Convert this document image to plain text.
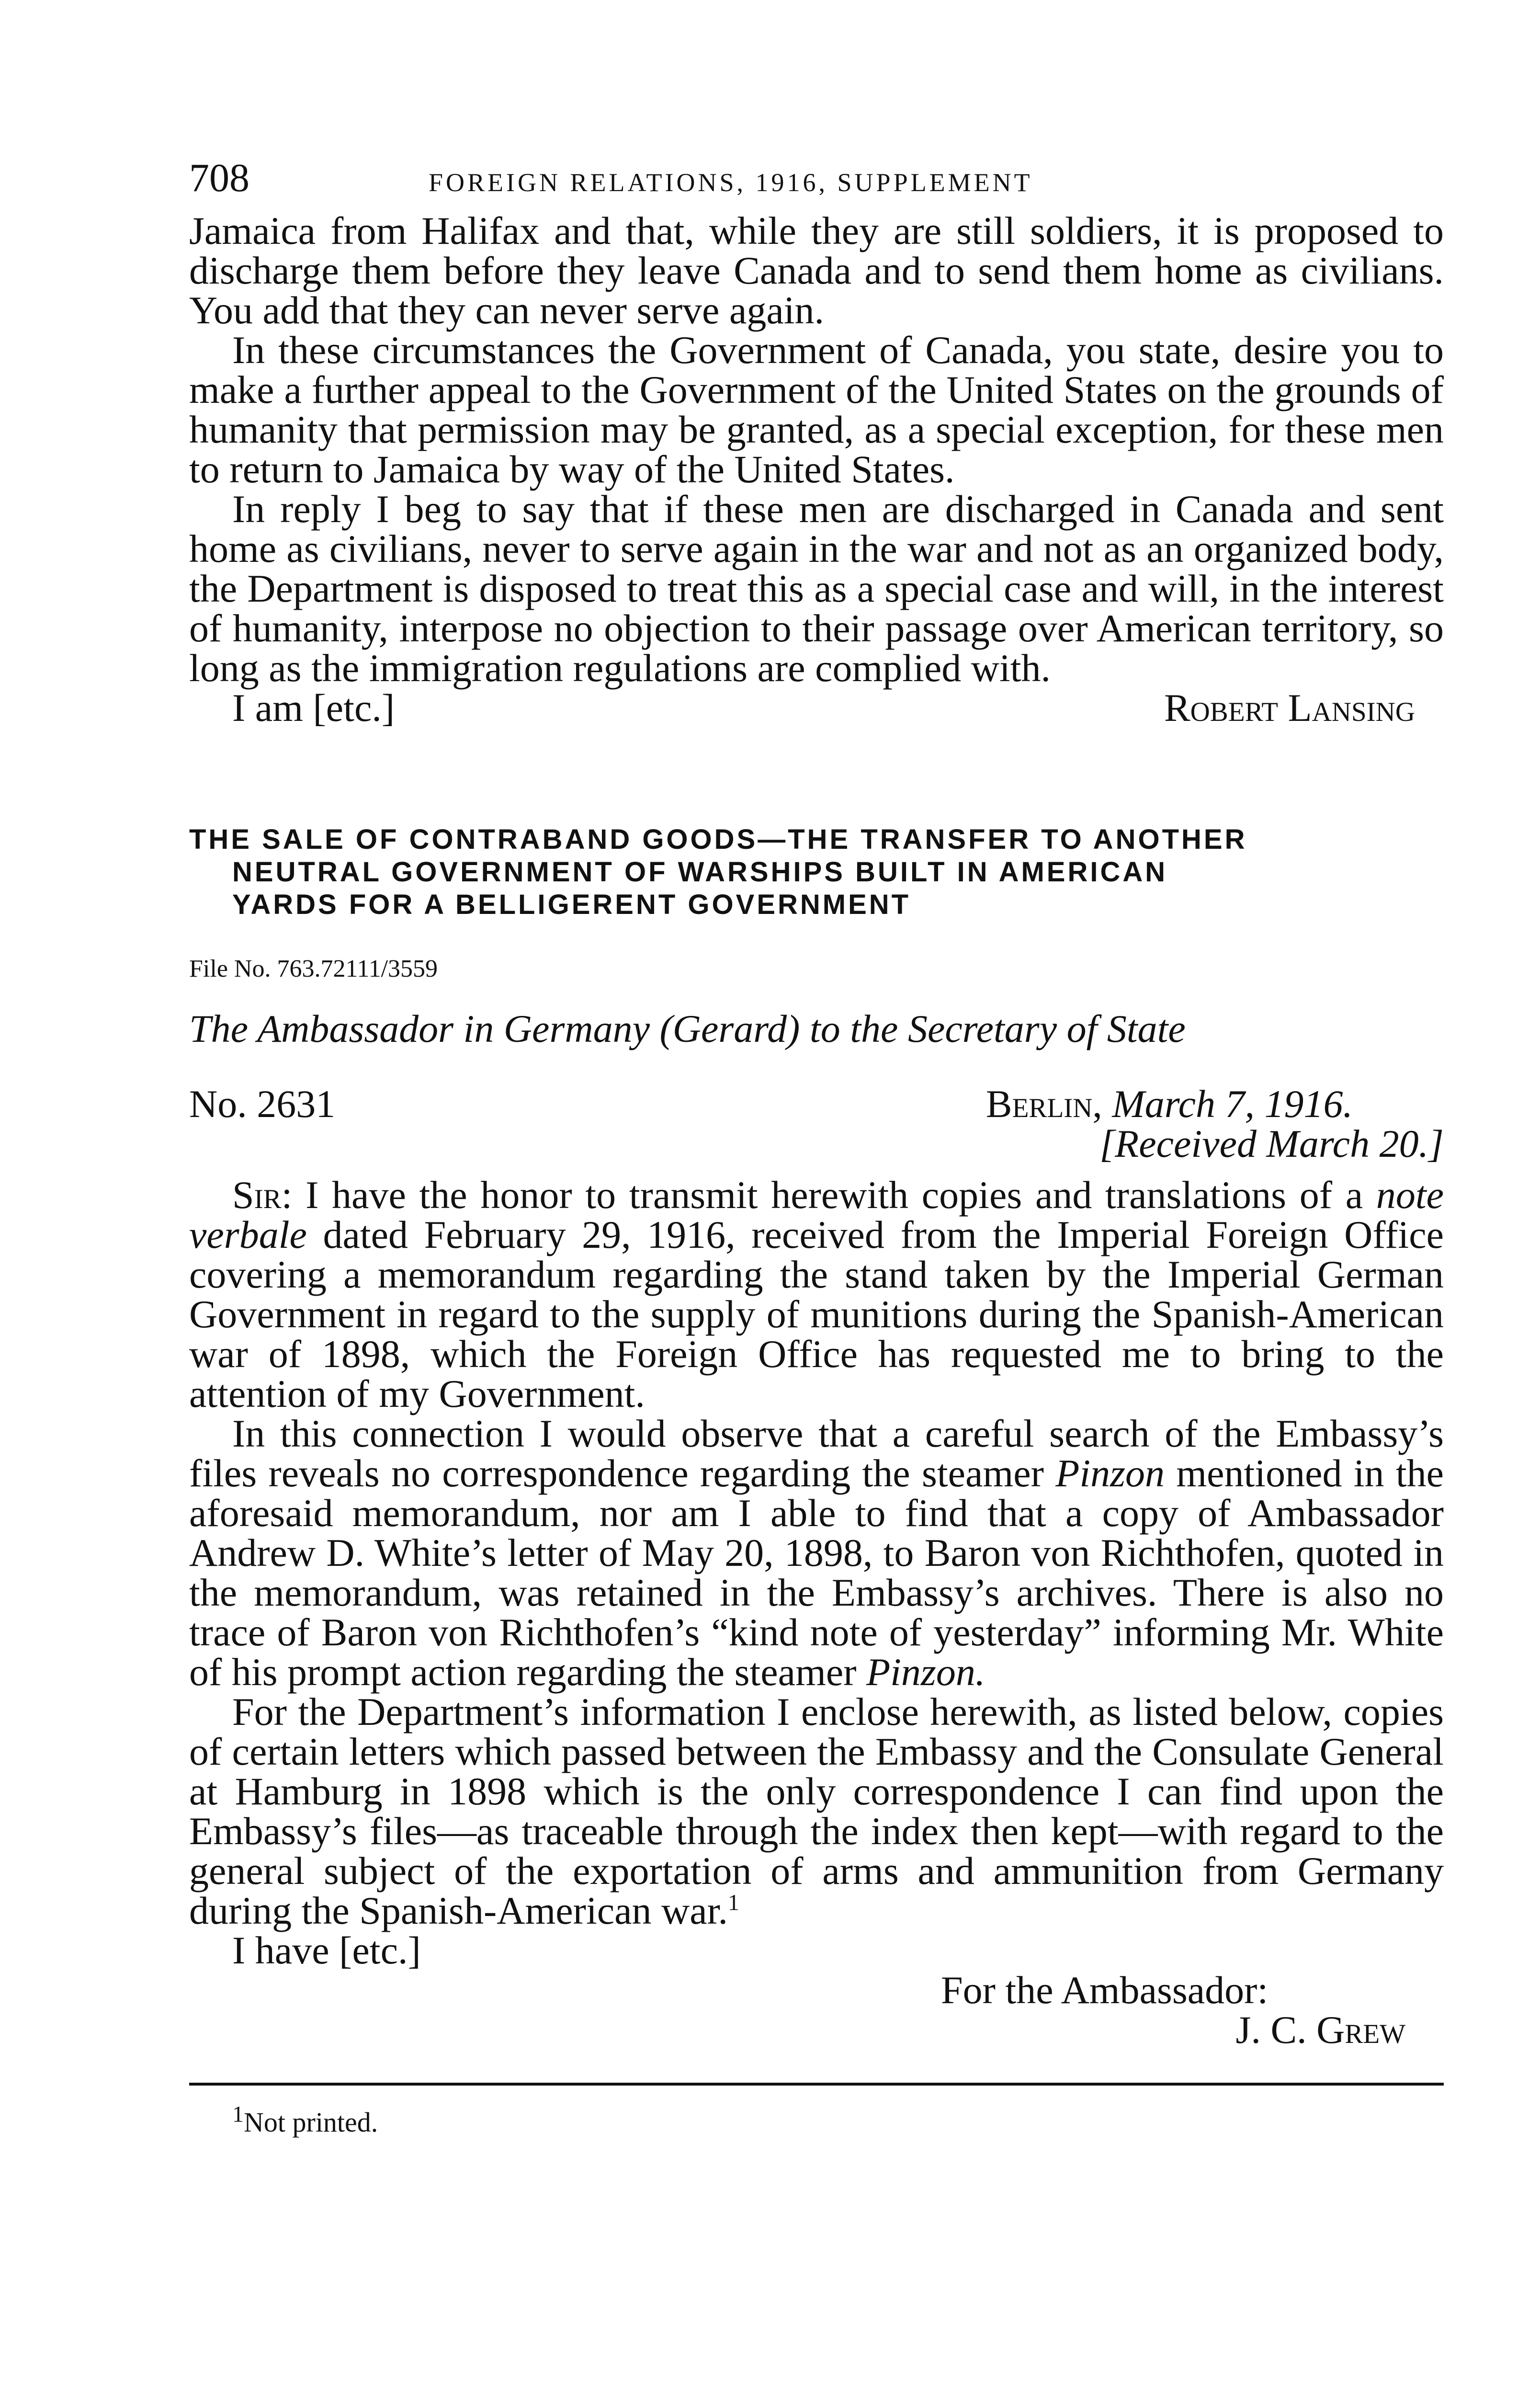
708	FOREIGN RELATIONS, 1916, SUPPLEMENT

Jamaica from Halifax and that, while they are still soldiers, it is proposed to discharge them before they leave Canada and to send them home as civilians. You add that they can never serve again.

In these circumstances the Government of Canada, you state, desire you to make a further appeal to the Government of the United States on the grounds of humanity that permission may be granted, as a special exception, for these men to return to Jamaica by way of the United States.

In reply I beg to say that if these men are discharged in Canada and sent home as civilians, never to serve again in the war and not as an organized body, the Department is disposed to treat this as a special case and will, in the interest of humanity, interpose no objection to their passage over American territory, so long as the immigration regulations are complied with.

I am [etc.]	Robert Lansing
THE SALE OF CONTRABAND GOODS—THE TRANSFER TO ANOTHER
NEUTRAL GOVERNMENT OF WARSHIPS BUILT IN AMERICAN
YARDS FOR A BELLIGERENT GOVERNMENT
File No. 763.72111/3559
The Ambassador in Germany (Gerard) to the Secretary of State
No. 2631	Berlin, March 7, 1916.
[Received March 20.]

Sir: I have the honor to transmit herewith copies and translations of a note verbale dated February 29, 1916, received from the Imperial Foreign Office covering a memorandum regarding the stand taken by the Imperial German Government in regard to the supply of munitions during the Spanish-American war of 1898, which the Foreign Office has requested me to bring to the attention of my Government.

In this connection I would observe that a careful search of the Embassy’s files reveals no correspondence regarding the steamer Pinzon mentioned in the aforesaid memorandum, nor am I able to find that a copy of Ambassador Andrew D. White’s letter of May 20, 1898, to Baron von Richthofen, quoted in the memorandum, was retained in the Embassy’s archives. There is also no trace of Baron von Richthofen’s “kind note of yesterday” informing Mr. White of his prompt action regarding the steamer Pinzon.

For the Department’s information I enclose herewith, as listed below, copies of certain letters which passed between the Embassy and the Consulate General at Hamburg in 1898 which is the only correspondence I can find upon the Embassy’s files—as traceable through the index then kept—with regard to the general subject of the exportation of arms and ammunition from Germany during the Spanish-American war.$^1$

I have [etc.]

For the Ambassador:
J. C. Grew
$^1$Not printed.
